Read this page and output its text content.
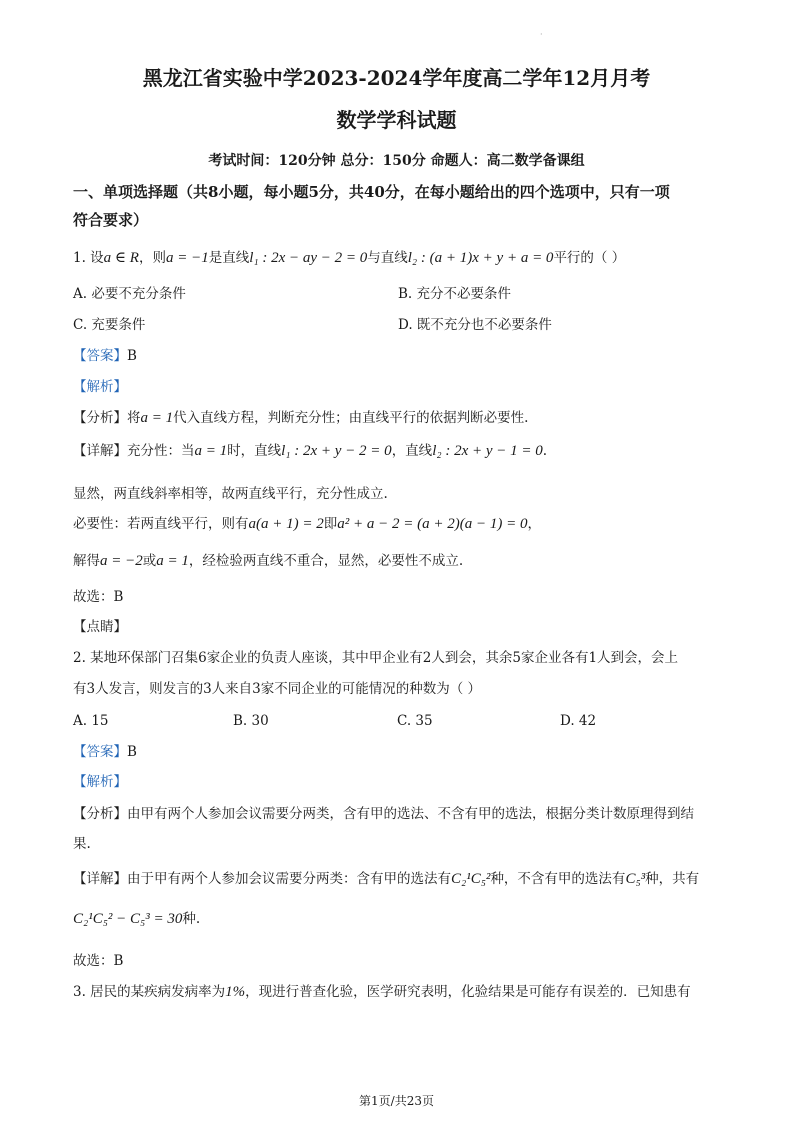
·
黑龙江省实验中学2023-2024学年度高二学年12月月考
数学学科试题
考试时间：120分钟 总分：150分 命题人：高二数学备课组
一、单项选择题（共8小题，每小题5分，共40分，在每小题给出的四个选项中，只有一项
符合要求）
1. 设a ∈ R，则a = −1是直线l₁ : 2x − ay − 2 = 0与直线l₂ : (a + 1)x + y + a = 0平行的（ ）
A. 必要不充分条件	B. 充分不必要条件
C. 充要条件	D. 既不充分也不必要条件
【答案】B
【解析】
【分析】将a = 1代入直线方程，判断充分性；由直线平行的依据判断必要性.
【详解】充分性：当a = 1时，直线l₁ : 2x + y − 2 = 0，直线l₂ : 2x + y − 1 = 0.
显然，两直线斜率相等，故两直线平行，充分性成立.
必要性：若两直线平行，则有a(a + 1) = 2即a² + a − 2 = (a + 2)(a − 1) = 0，
解得a = −2或a = 1，经检验两直线不重合，显然，必要性不成立.
故选：B
【点睛】
2. 某地环保部门召集6家企业的负责人座谈，其中甲企业有2人到会，其余5家企业各有1人到会，会上
有3人发言，则发言的3人来自3家不同企业的可能情况的种数为（ ）
A. 15	B. 30	C. 35	D. 42
【答案】B
【解析】
【分析】由甲有两个人参加会议需要分两类，含有甲的选法、不含有甲的选法，根据分类计数原理得到结
果.
【详解】由于甲有两个人参加会议需要分两类：含有甲的选法有C₂¹C₅²种，不含有甲的选法有C₅³种，共有
C₂¹C₅² − C₅³ = 30种.
故选：B
3. 居民的某疾病发病率为1%，现进行普查化验，医学研究表明，化验结果是可能存有误差的．已知患有
第1页/共23页
